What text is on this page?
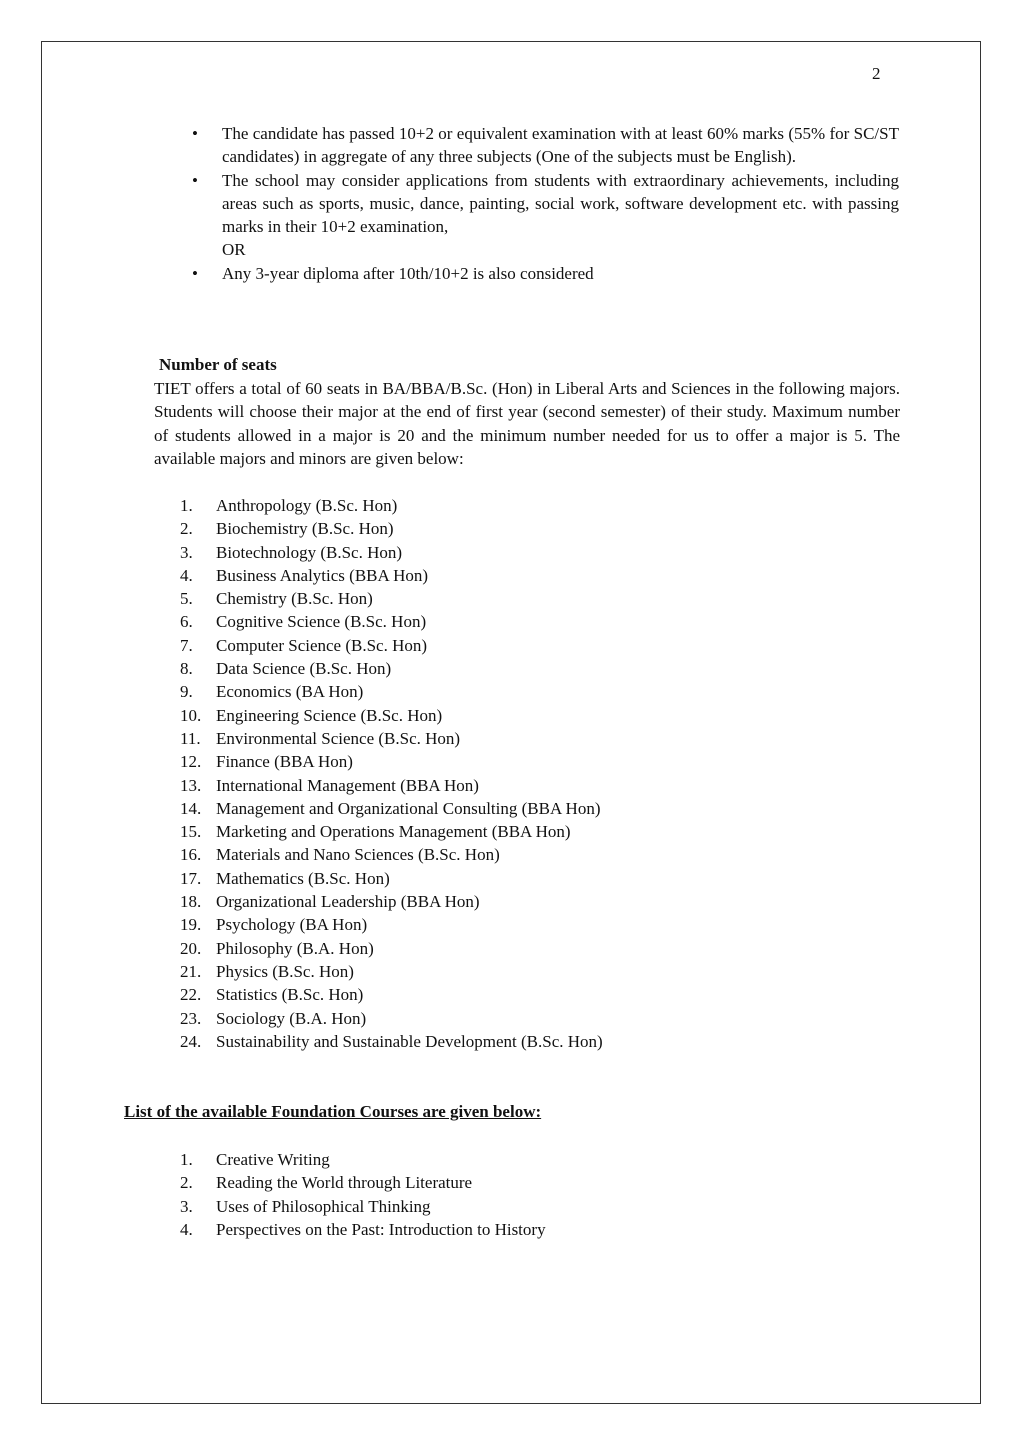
2
• The candidate has passed 10+2 or equivalent examination with at least 60% marks (55% for SC/ST candidates) in aggregate of any three subjects (One of the subjects must be English).
• The school may consider applications from students with extraordinary achievements, including areas such as sports, music, dance, painting, social work, software development etc. with passing marks in their 10+2 examination,
OR
• Any 3-year diploma after 10th/10+2 is also considered
Number of seats
TIET offers a total of 60 seats in BA/BBA/B.Sc. (Hon) in Liberal Arts and Sciences in the following majors. Students will choose their major at the end of first year (second semester) of their study. Maximum number of students allowed in a major is 20 and the minimum number needed for us to offer a major is 5. The available majors and minors are given below:
1.	Anthropology (B.Sc. Hon)
2.	Biochemistry (B.Sc. Hon)
3.	Biotechnology (B.Sc. Hon)
4.	Business Analytics (BBA Hon)
5.	Chemistry (B.Sc. Hon)
6.	Cognitive Science (B.Sc. Hon)
7.	Computer Science (B.Sc. Hon)
8.	Data Science (B.Sc. Hon)
9.	Economics (BA Hon)
10. Engineering Science (B.Sc. Hon)
11. Environmental Science (B.Sc. Hon)
12. Finance (BBA Hon)
13. International Management (BBA Hon)
14. Management and Organizational Consulting (BBA Hon)
15. Marketing and Operations Management (BBA Hon)
16. Materials and Nano Sciences (B.Sc. Hon)
17. Mathematics (B.Sc. Hon)
18. Organizational Leadership (BBA Hon)
19. Psychology (BA Hon)
20. Philosophy (B.A. Hon)
21. Physics (B.Sc. Hon)
22. Statistics (B.Sc. Hon)
23. Sociology (B.A. Hon)
24. Sustainability and Sustainable Development (B.Sc. Hon)
List of the available Foundation Courses are given below:
1.	Creative Writing
2.	Reading the World through Literature
3.	Uses of Philosophical Thinking
4.	Perspectives on the Past: Introduction to History
